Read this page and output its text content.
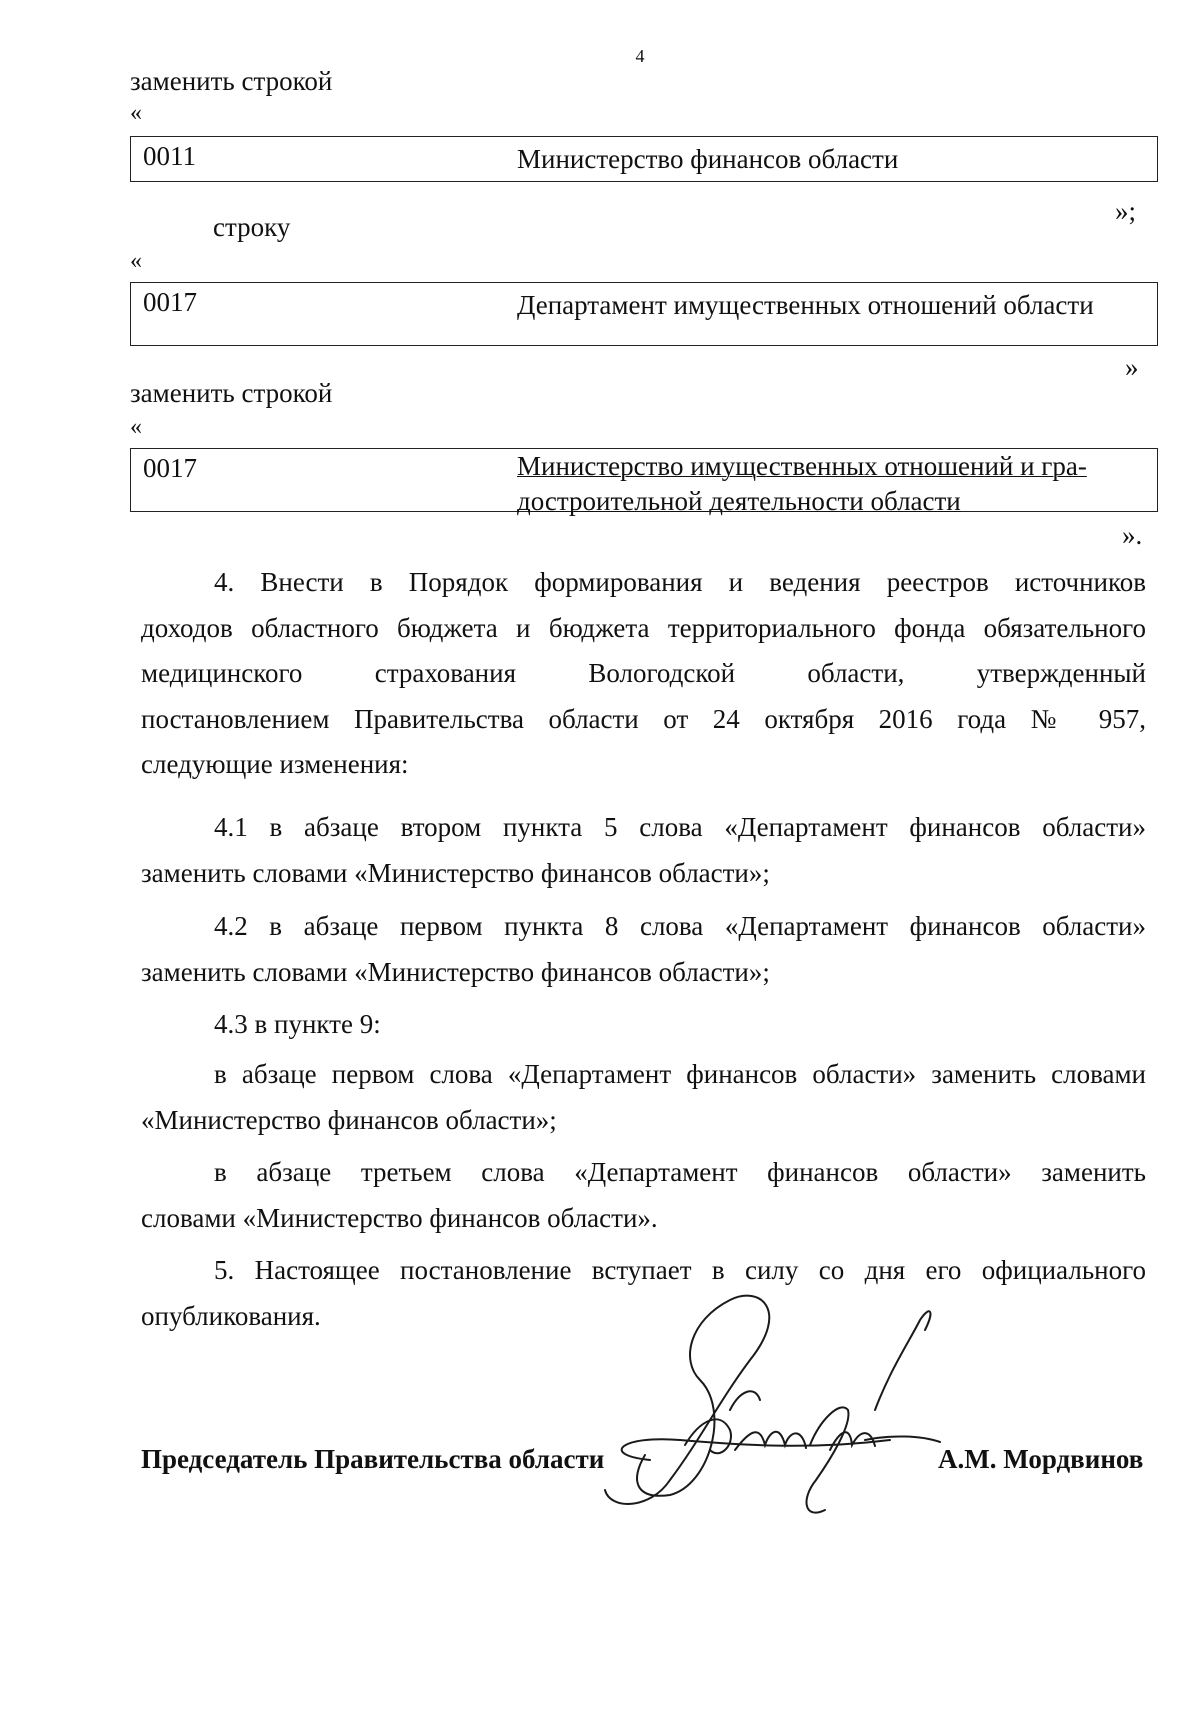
4
заменить строкой
«
0011	Министерство финансов области
»;
строку
«
0017	Департамент имущественных отношений области
»
заменить строкой
«
0017	Министерство имущественных отношений и гра-
достроительной деятельности области
».
4. Внести в Порядок формирования и ведения реестров источников
доходов областного бюджета и бюджета территориального фонда обязательного
медицинского страхования Вологодской области, утвержденный
постановлением Правительства области от 24 октября 2016 года № 957,
следующие изменения:
4.1 в абзаце втором пункта 5 слова «Департамент финансов области»
заменить словами «Министерство финансов области»;
4.2 в абзаце первом пункта 8 слова «Департамент финансов области»
заменить словами «Министерство финансов области»;
4.3 в пункте 9:
в абзаце первом слова «Департамент финансов области» заменить словами
«Министерство финансов области»;
в абзаце третьем слова «Департамент финансов области» заменить
словами «Министерство финансов области».
5. Настоящее постановление вступает в силу со дня его официального
опубликования.
Председатель Правительства области	А.М. Мордвинов
